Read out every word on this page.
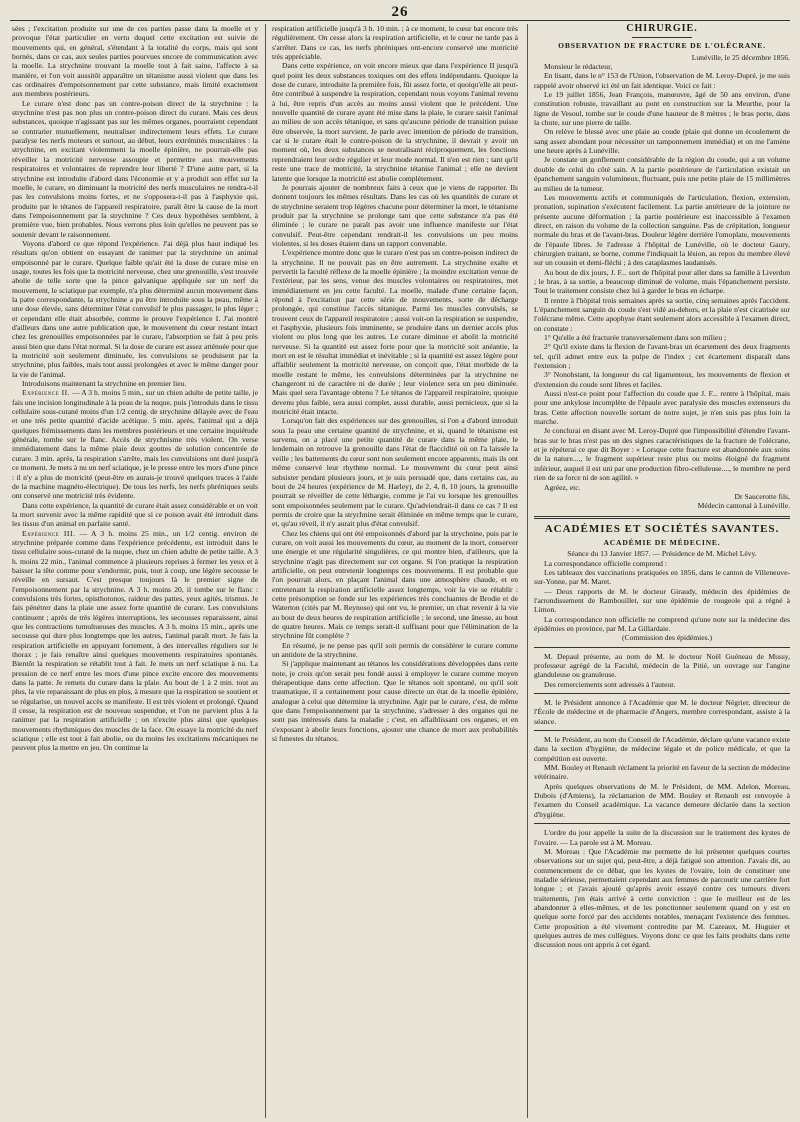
26

sées ; l'excitation produite sur une de ces parties passe dans la moelle et y provoque l'état particulier en vertu duquel cette excitation est suivie de mouvements qui, en général, s'étendant à la totalité du corps, mais qui sont bornés, dans ce cas, aux seules parties pourvues encore de communication avec la moelle. La strychnine trouvant la moelle tout à fait saine, l'affecte à sa manière, et l'on voit aussitôt apparaître un tétanisme aussi violent que dans les cas ordinaires d'empoisonnement par cette substance, mais limité exactement aux membres postérieurs.

Le curare n'est donc pas un contre-poison direct de la strychnine : la strychnine n'est pas non plus un contre-poison direct du curare. Mais ces deux substances, quoique n'agissant pas sur les mêmes organes, pourraient cependant se contrarier mutuellement, neutraliser indirectement leurs effets. Le curare paralyse les nerfs moteurs et surtout, au début, leurs extrémités musculaires : la strychnine, en excitant violemment la moelle épinière, ne pourrait-elle pas réveiller la motricité nerveuse assoupie et permettre aux mouvements respiratoires et volontaires de reprendre leur liberté ? D'une autre part, si la strychnine est introduite d'abord dans l'économie et y a produit son effet sur la moelle, le curare, en diminuant la motricité des nerfs musculaires ne rendra-t-il pas les convulsions moins fortes, et ne s'opposera-t-il pas à l'asphyxie qui, produite par le tétanos de l'appareil respiratoire, paraît être la cause de la mort dans l'empoisonnement par la strychnine ? Ces deux hypothèses semblent, à première vue, bien probables. Nous verrons plus loin qu'elles ne peuvent pas se soutenir devant le raisonnement.

Voyons d'abord ce que répond l'expérience. J'ai déjà plus haut indiqué les résultats qu'on obtient en essayant de ranimer par la strychnine un animal empoisonné par le curare. Quelque faible qu'ait été la dose de curare mise en usage, toutes les fois que la motricité nerveuse, chez une grenouille, s'est trouvée abolie de telle sorte que la pince galvanique appliquée sur un nerf du mouvement, le sciatique par exemple, n'a plus déterminé aucun mouvement dans la patte correspondante, la strychnine a pu être introduite sous la peau, même à une dose élevée, sans déterminer l'état convulsif le plus passager, le plus léger ; et cependant elle était absorbée, comme le prouve l'expérience I. J'ai montré d'ailleurs dans une autre publication que, le mouvement du cœur restant intact chez les grenouilles empoisonnées par le curare, l'absorption se fait à peu près aussi bien que dans l'état normal. Si la dose de curare est assez atténuée pour que la motricité soit seulement diminuée, les convulsions se produisent par la strychnine, plus faibles, mais tout aussi prolongées et avec le même danger pour la vie de l'animal.

Introduisons maintenant la strychnine en premier lieu.

Expérience II. — A 3 h. moins 5 min., sur un chien adulte de petite taille, je fais une incision longitudinale à la peau de la nuque, puis j'introduis dans le tissu cellulaire sous-cutané moins d'un 1/2 centig. de strychnine délayée avec de l'eau et une très petite quantité d'acide acétique. 5 min. après, l'animal qui a déjà quelques frémissements dans les membres postérieurs et une certaine inquiétude générale, tombe sur le flanc. Accès de strychnisme très violent. On verse immédiatement dans la même plaie deux gouttes de solution concentrée de curare. 3 min. après, la respiration s'arrête, mais les convulsions ont duré jusqu'à ce moment. Je mets à nu un nerf sciatique, je le presse entre les mors d'une pince : il n'y a plus de motricité (peut-être en aurais-je trouvé quelques traces à l'aide de la machine magnéto-électrique). De tous les nerfs, les nerfs phréniques seuls ont conservé une motricité très évidente.

Dans cette expérience, la quantité de curare était assez considérable et on voit la mort survenir avec la même rapidité que si ce poison avait été introduit dans les tissus d'un animal en parfaite santé.

Expérience III. — A 3 h. moins 25 min., un 1/2 centig. environ de strychnine préparée comme dans l'expérience précédente, est introduit dans le tissu cellulaire sous-cutané de la nuque, chez un chien adulte de petite taille. A 3 h. moins 22 min., l'animal commence à plusieurs reprises à fermer les yeux et à baisser la tête comme pour s'endormir, puis, tout à coup, une légère secousse le réveille en sursaut. C'est presque toujours là le premier signe de l'empoisonnement par la strychnine. A 3 h. moins 20, il tombe sur le flanc : convulsions très fortes, opisthotonos, raideur des pattes, yeux agités, trismus. Je fais pénétrer dans la plaie une assez forte quantité de curare. Les convulsions continuent ; après de très légères interruptions, les secousses reparaissent, ainsi que les contractions tumultueuses des muscles. A 3 h. moins 15 min., après une secousse qui dure plus longtemps que les autres, l'animal paraît mort. Je fais la respiration artificielle en appuyant fortement, à des intervalles réguliers sur le thorax ; je fais renaître ainsi quelques mouvements respiratoires spontanés. Bientôt la respiration se rétablit tout à fait. Je mets un nerf sciatique à nu. La pression de ce nerf entre les mors d'une pince excite encore des mouvements dans la patte. Je remets du curare dans la plaie. Au bout de 1 à 2 min. tout au plus, la vie reparaissant de plus en plus, à mesure que la respiration se soutient et se régularise, un nouvel accès se manifeste. Il est très violent et prolongé. Quand il cesse, la respiration est de nouveau suspendue, et l'on ne parvient plus à la ranimer par la respiration artificielle ; on n'excite plus ainsi que quelques mouvements rhythmiques des muscles de la face. On essaye la motricité du nerf sciatique ; elle est tout à fait abolie, ou du moins les excitations mécaniques ne peuvent plus la mettre en jeu. On continue la

respiration artificielle jusqu'à 3 h. 10 min. ; à ce moment, le cœur bat encore très régulièrement. On cesse alors la respiration artificielle, et le cœur ne tarde pas à s'arrêter. Dans ce cas, les nerfs phréniques ont-encore conservé une motricité très appréciable.

Dans cette expérience, on voit encore mieux que dans l'expérience II jusqu'à quel point les deux substances toxiques ont des effets indépendants. Quoique la dose de curare, introduite la première fois, fût assez forte, et quoiqu'elle ait peut-être contribué à suspendre la respiration, cependant nous voyons l'animal revenu à lui, être repris d'un accès au moins aussi violent que le précédent. Une nouvelle quantité de curare ayant été mise dans la plaie, le curare saisit l'animal au milieu de son accès tétanique, et sans qu'aucune période de transition puisse être observée, la mort survient. Je parle avec intention de période de transition, car si le curare était le contre-poison de la strychnine, il devrait y avoir un moment où, les deux substances se neutralisant réciproquement, les fonctions reprendraient leur ordre régulier et leur mode normal. Il n'en est rien ; tant qu'il reste une trace de motricité, la strychnine tétanise l'animal ; elle ne devient latente que lorsque la motricité est abolie complètement.

Je pourrais ajouter de nombreux faits à ceux que je viens de rapporter. Ils donnent toujours les mêmes résultats. Dans les cas où les quantités de curare et de strychnine seraient trop légères chacune pour déterminer la mort, le tétanisme produit par la strychnine se prolonge tant que cette substance n'a pas été éliminée ; le curare ne paraît pas avoir une influence manifeste sur l'état convulsif. Peut-être cependant rendrait-il les convulsions un peu moins violentes, si les doses étaient dans un rapport convenable.

L'expérience montre donc que le curare n'est pas un contre-poison indirect de la strychnine. Il ne pouvait pas en être autrement. La strychnine exalte et pervertit la faculté réflexe de la moelle épinière ; la moindre excitation venue de l'extérieur, par les sens, venue des muscles volontaires ou respiratoires, met immédiatement en jeu cette faculté. La moelle, malade d'une certaine façon, répond à l'excitation par cette série de mouvements, sorte de décharge prolongée, qui constitue l'accès tétanique. Parmi les muscles convulsés, se trouvent ceux de l'appareil respiratoire ; aussi voit-on la respiration se suspendre, et l'asphyxie, plusieurs fois imminente, se produire dans un dernier accès plus violent ou plus long que les autres. Le curare diminue et abolit la motricité nerveuse. Si la quantité est assez forte pour que la motricité soit anéantie, la mort en est le résultat immédiat et inévitable ; si la quantité est assez légère pour affaiblir seulement la motricité nerveuse, on conçoit que, l'état morbide de la moelle restant le même, les convulsions déterminées par la strychnine ne changeront ni de caractère ni de durée ; leur violence sera un peu diminuée. Mais quel sera l'avantage obtenu ? Le tétanos de l'appareil respiratoire, quoique devenu plus faible, sera aussi complet, aussi durable, aussi pernicieux, que si la motricité était intacte.

Lorsqu'on fait des expériences sur des grenouilles, si l'on a d'abord introduit sous la peau une certaine quantité de strychnine, et si, quand le tétanisme est survenu, on a placé une petite quantité de curare dans la même plaie, le lendemain on retrouve la grenouille dans l'état de flaccidité où on l'a laissée la veille ; les battements du cœur sont non seulement encore apparents, mais ils ont même conservé leur rhythme normal. Le mouvement du cœur peut ainsi subsister pendant plusieurs jours, et je suis persuadé que, dans certains cas, au bout de 24 heures (expérience de M. Harley), de 2, 4, 8, 10 jours, la grenouille pourrait se réveiller de cette léthargie, comme je l'ai vu lorsque les grenouilles sont empoisonnées seulement par le curare. Qu'adviendrait-il dans ce cas ? Il est permis de croire que la strychnine serait éliminée en même temps que le curare, et, qu'au réveil, il n'y aurait plus d'état convulsif.

Chez les chiens qui ont été empoisonnés d'abord par la strychnine, puis par le curare, on voit aussi les mouvements du cœur, au moment de la mort, conserver une énergie et une régularité singulières, ce qui montre bien, d'ailleurs, que la strychnine n'agit pas directement sur cet organe. Si l'on pratique la respiration artificielle, on peut entretenir longtemps ces mouvements. Il est probable que l'on pourrait alors, en plaçant l'animal dans une atmosphère chaude, et en entretenant la respiration artificielle assez longtemps, voir la vie se rétablir : cette présomption se fonde sur les expériences très concluantes de Brodie et de Waterton (cités par M. Reynoso) qui ont vu, le premier, un chat revenir à la vie au bout de deux heures de respiration artificielle ; le second, une ânesse, au bout de quatre heures. Mais ce temps serait-il suffisant pour que l'élimination de la strychnine fût complète ?

En résumé, je ne pense pas qu'il soit permis de considérer le curare comme un antidote de la strychnine.

Si j'applique maintenant au tétanos les considérations développées dans cette note, je crois qu'on serait peu fondé aussi à employer le curare comme moyen thérapeutique dans cette affection. Que le tétanos soit spontané, ou qu'il soit traumatique, il a certainement pour cause directe un état de la moelle épinière, analogue à celui que détermine la strychnine. Agir par le curare, c'est, de même que dans l'empoisonnement par la strychnine, s'adresser à des organes qui ne sont pas intéressés dans la maladie ; c'est, en affaiblissant ces organes, et en s'exposant à abolir leurs fonctions, ajouter une chance de mort aux probabilités si funestes du tétanos.

CHIRURGIE.
OBSERVATION DE FRACTURE DE L'OLÉCRANE.

Lunéville, le 25 décembre 1856.

Monsieur le rédacteur,

En lisant, dans le n° 153 de l'Union, l'observation de M. Leroy-Dupré, je me suis rappelé avoir observé ici été un fait identique. Voici ce fait :

Le 19 juillet 1856, Jean François, manœuvre, âgé de 50 ans environ, d'une constitution robuste, travaillant au pont en construction sur la Meurthe, pour la ligne de Vesoul, tombe sur le coude d'une hauteur de 8 mètres ; le bras porte, dans la chute, sur une pierre de taille.

On relève le blessé avec une plaie au coude (plaie qui donne un écoulement de sang assez abondant pour nécessiter un tamponnement immédiat) et on me l'amène une heure après à Lunéville.

Je constate un gonflement considérable de la région du coude, qui a un volume double de celui du côté sain. A la partie postérieure de l'articulation existait un épanchement sanguin volumineux, fluctuant, puis une petite plaie de 15 millimètres au milieu de la tumeur.

Les mouvements actifs et communiqués de l'articulation, flexion, extension, pronation, supination s'exécutent facilement. La partie antérieure de la jointure ne présente aucune déformation ; la partie postérieure est inaccessible à l'examen direct, en raison du volume de la collection sanguine. Pas de crépitation, longueur normale du bras et de l'avant-bras. Douleur légère derrière l'omoplate, mouvements de l'épaule libres. Je l'adresse à l'hôpital de Lunéville, où le docteur Gaury, chirurgien traitant, se borne, comme l'indiquait la lésion, au repos du membre élevé sur un coussin et demi-fléchi ; à des cataplasmes laudanisés.

Au bout de dix jours, J. F... sort de l'hôpital pour aller dans sa famille à Liverdun ; le bras, à sa sortie, a beaucoup diminué de volume, mais l'épanchement persiste. Tout le traitement consiste chez lui à garder le bras en écharpe.

Il rentre à l'hôpital trois semaines après sa sortie, cinq semaines après l'accident. L'épanchement sanguin du coude s'est vidé au-dehors, et la plaie n'est cicatrisée sur l'olécrane même. Cette apophyse étant seulement alors accessible à l'examen direct, on constate :

1° Qu'elle a été fracturée transversalement dans son milieu ;

2° Qu'il existe dans la flexion de l'avant-bras un écartement des deux fragments tel, qu'il admet entre eux la pulpe de l'index ; cet écartement disparaît dans l'extension ;

3° Nonobstant, la longueur du cal ligamenteux, les mouvements de flexion et d'extension du coude sont libres et faciles.

Aussi n'est-ce point pour l'affection du coude que J. F... rentre à l'hôpital, mais pour une ankylose incomplète de l'épaule avec paralysie des muscles extenseurs du bras. Cette affection nouvelle sortant de notre sujet, je n'en suis pas plus loin la marche.

Je conclurai en disant avec M. Leroy-Dupré que l'impossibilité d'étendre l'avant-bras sur le bras n'est pas un des signes caractéristiques de la fracture de l'olécrane, et je répéterai ce que dit Boyer : « Lorsque cette fracture est abandonnée aux soins de la nature...., le fragment supérieur reste plus ou moins éloigné du fragment inférieur, auquel il est uni par une production fibro-celluleuse...., le membre ne perd rien de sa force ni de son agilité. »

Agréez, etc.

Dr Saucerotte fils,

Médecin cantonal à Lunéville.

ACADÉMIES ET SOCIÉTÉS SAVANTES.
ACADÉMIE DE MÉDECINE.

Séance du 13 Janvier 1857. — Présidence de M. Michel Lévy.

La correspondance officielle comprend :

Les tableaux des vaccinations pratiquées en 1856, dans le canton de Villeneuve-sur-Yonne, par M. Maret.

— Deux rapports de M. le docteur Giraudy, médecin des épidémies de l'arrondissement de Rambouillet, sur une épidémie de rougeole qui a régné à Limon.

La correspondance non officielle ne comprend qu'une note sur la médecine des épidémies en province, par M. La Gillardaie.

(Commission des épidémies.)

M. Depaul présente, au nom de M. le docteur Noël Guéneau de Mussy, professeur agrégé de la Faculté, médecin de la Pitié, un ouvrage sur l'angine glanduleuse ou granuleuse.

Des remerciements sont adressés à l'auteur.

M. le Président annonce à l'Académie que M. le docteur Négrier, directeur de l'École de médecine et de pharmacie d'Angers, membre correspondant, assiste à la séance.

M. le Président, au nom du Conseil de l'Académie, déclare qu'une vacance existe dans la section d'hygiène, de médecine légale et de police médicale, et que la compétition est ouverte.

MM. Bouley et Renault réclament la priorité en faveur de la section de médecine vétérinaire.

Après quelques observations de M. le Président, de MM. Adelon, Moreau, Dubois (d'Amiens), la réclamation de MM. Bouley et Renault est renvoyée à l'examen du Conseil académique. La vacance demeure déclarée dans la section d'hygiène.

L'ordre du jour appelle la suite de la discussion sur le traitement des kystes de l'ovaire. — La parole est à M. Moreau.

M. Moreau : Que l'Académie me permette de lui présenter quelques courtes observations sur un sujet qui, peut-être, a déjà fatigué son attention. J'avais dit, au commencement de ce débat, que les kystes de l'ovaire, loin de constituer une maladie sérieuse, permettaient cependant aux femmes de parcourir une carrière fort longue ; et j'avais ajouté qu'après avoir essayé contre ces tumeurs divers traitements, j'en étais arrivé à cette conviction : que le meilleur est de les abandonner à elles-mêmes, et de les ponctionner seulement quand on y est en quelque sorte forcé par des accidents notables, menaçant l'existence des femmes. Cette proposition a été vivement contredite par M. Cazeaux, M. Huguier et quelques autres de mes collègues. Voyons donc ce que les faits produits dans cette discussion nous ont appris à cet égard.
